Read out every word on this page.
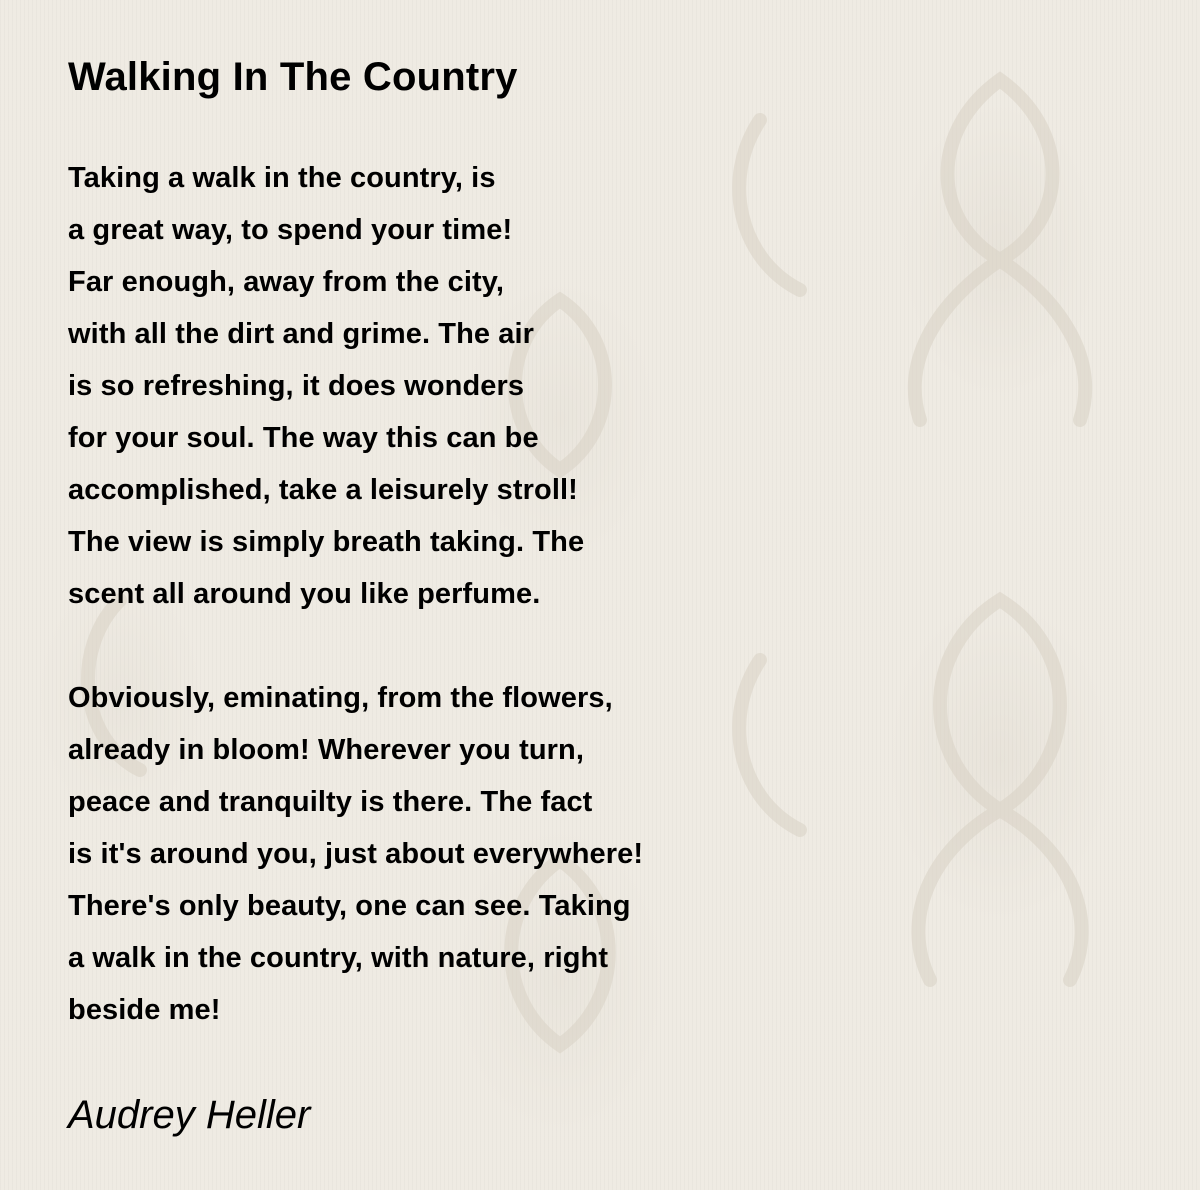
Walking In The Country
Taking a walk in the country, is
a great way, to spend your time!
Far enough, away from the city,
with all the dirt and grime. The air
is so refreshing, it does wonders
for your soul. The way this can be
accomplished, take a leisurely stroll!
The view is simply breath taking. The
scent all around you like perfume.
Obviously, eminating, from the flowers,
already in bloom! Wherever you turn,
peace and tranquilty is there. The fact
is it's around you, just about everywhere!
There's only beauty, one can see. Taking
a walk in the country, with nature, right
beside me!

Audrey Heller
